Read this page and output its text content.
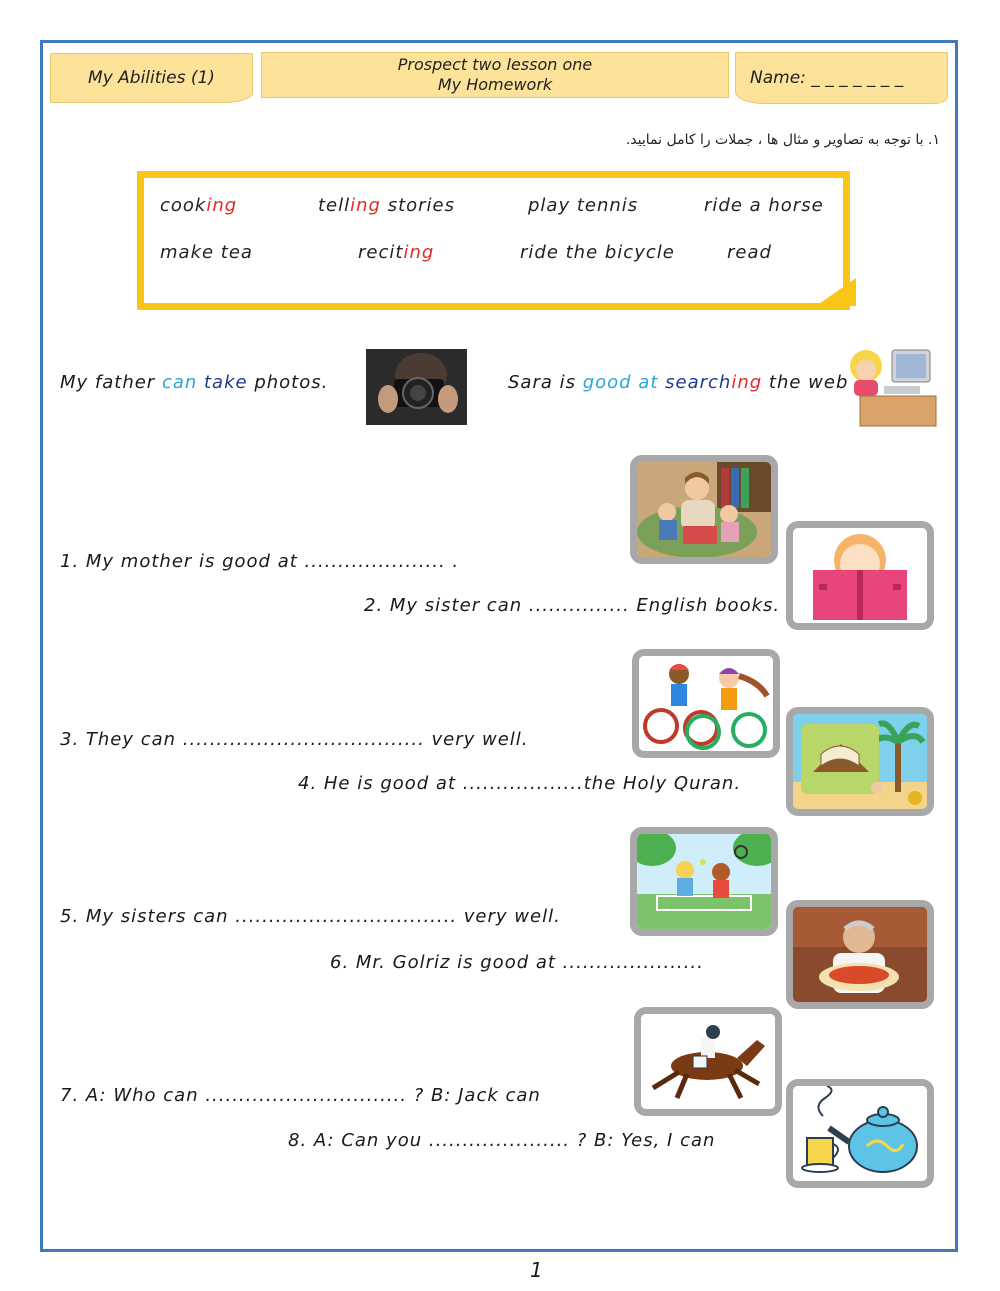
My Abilities (1)
Prospect two lesson one
My Homework	Name: _ _ _ _ _ _ _
۱. با توجه به تصاویر و مثال ها ، جملات را کامل نمایید.
cooking	telling stories	play tennis	ride a horse
make tea	reciting	ride the bicycle	read
My father can take photos.	Sara is good at searching the web
1. My mother is good at ..................... .
2. My sister can ............... English books.
3. They can .................................... very well.
4. He is good at ..................the Holy Quran.
5. My sisters can ................................. very well.
6. Mr. Golriz is good at .....................
7. A: Who can .............................. ? B: Jack can
8. A: Can you ..................... ? B: Yes, I can
1
